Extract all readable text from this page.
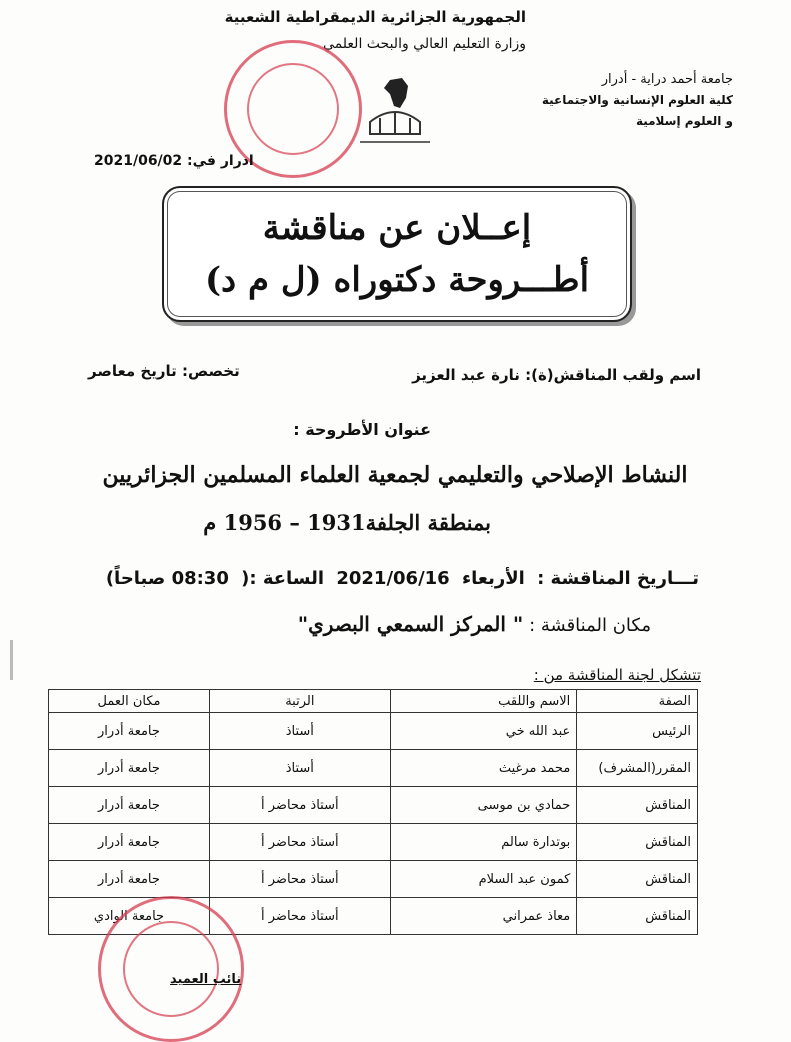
الجمهورية الجزائرية الديمقراطية الشعبية
وزارة التعليم العالي والبحث العلمي
جامعة أحمد دراية - أدرار
كلية العلوم الإنسانية والاجتماعية
و العلوم إسلامية
ادرار في: 2021/06/02
إعــلان عن مناقشة
أطـــروحة دكتوراه (ل م د)
اسم ولقب المناقش(ة): نارة عبد العزيز
تخصص: تاريخ معاصر
عنوان الأطروحة :
النشاط الإصلاحي والتعليمي لجمعية العلماء المسلمين الجزائريين
بمنطقة الجلفة1931 – 1956 م
تـــاريخ المناقشة : الأربعاء 2021/06/16 الساعة :( 08:30 صباحاً)
مكان المناقشة : " المركز السمعي البصري"
تتشكل لجنة المناقشة من :
الصفة	الاسم واللقب	الرتبة	مكان العمل
الرئيس	عبد الله خي	أستاذ	جامعة أدرار
المقرر(المشرف)	محمد مرغيث	أستاذ	جامعة أدرار
المناقش	حمادي بن موسى	أستاذ محاضر أ	جامعة أدرار
المناقش	بوتدارة سالم	أستاذ محاضر أ	جامعة أدرار
المناقش	كمون عبد السلام	أستاذ محاضر أ	جامعة أدرار
المناقش	معاذ عمراني	أستاذ محاضر أ	جامعة الوادي
نائب العميد
